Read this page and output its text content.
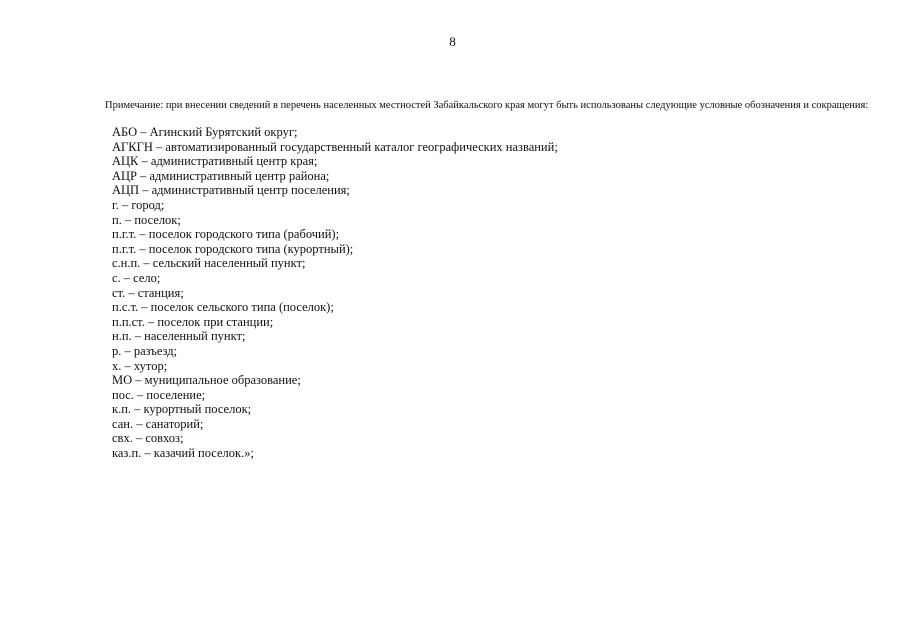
8

Примечание: при внесении сведений в перечень населенных местностей Забайкальского края могут быть использованы следующие условные обозначения и сокращения:

АБО – Агинский Бурятский округ;
АГКГН – автоматизированный государственный каталог географических названий;
АЦК – административный центр края;
АЦР – административный центр района;
АЦП – административный центр поселения;
г. – город;
п. – поселок;
п.г.т. – поселок городского типа (рабочий);
п.г.т. – поселок городского типа (курортный);
с.н.п. – сельский населенный пункт;
с. – село;
ст. – станция;
п.с.т. – поселок сельского типа (поселок);
п.п.ст. – поселок при станции;
н.п. – населенный пункт;
р. – разъезд;
х. – хутор;
МО – муниципальное образование;
пос. – поселение;
к.п. – курортный поселок;
сан. – санаторий;
свх. – совхоз;
каз.п. – казачий поселок.»;
